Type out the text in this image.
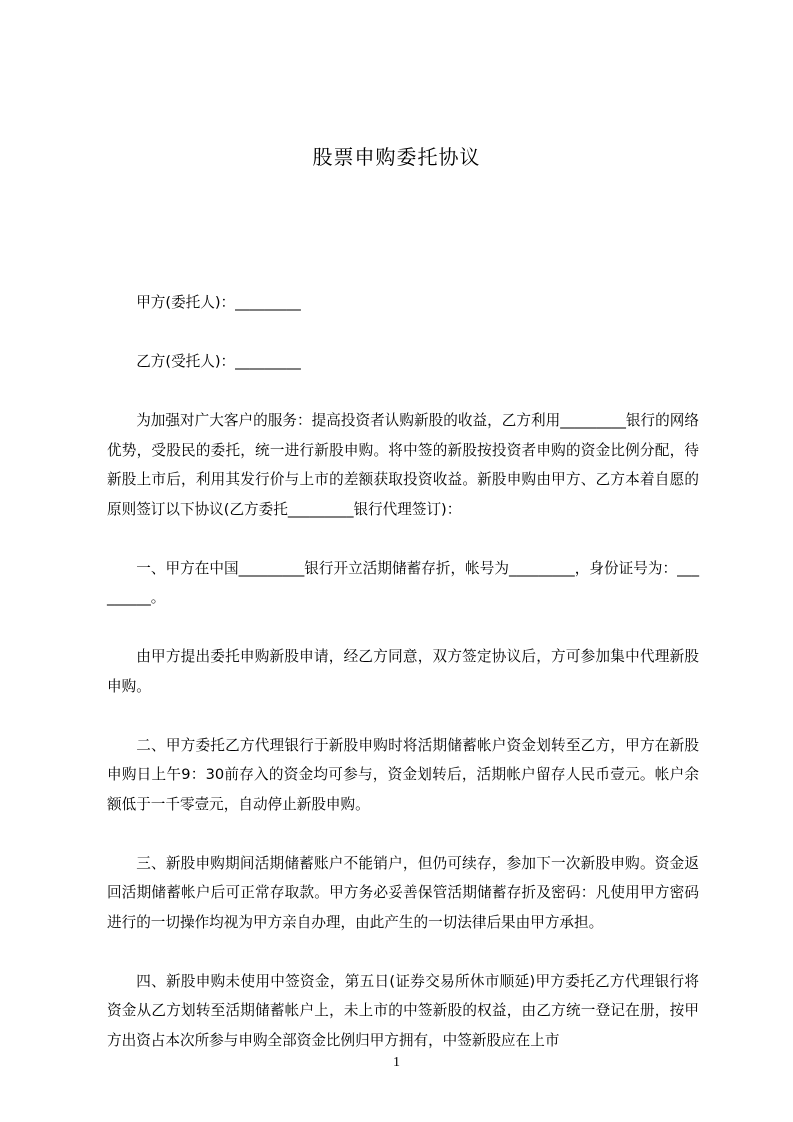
股票申购委托协议

甲方(委托人)：_________

乙方(受托人)：_________

为加强对广大客户的服务：提高投资者认购新股的收益，乙方利用_________银行的网络优势，受股民的委托，统一进行新股申购。将中签的新股按投资者申购的资金比例分配，待新股上市后，利用其发行价与上市的差额获取投资收益。新股申购由甲方、乙方本着自愿的原则签订以下协议(乙方委托_________银行代理签订)：

一、甲方在中国_________银行开立活期储蓄存折，帐号为_________，身份证号为：_________。

由甲方提出委托申购新股申请，经乙方同意，双方签定协议后，方可参加集中代理新股申购。

二、甲方委托乙方代理银行于新股申购时将活期储蓄帐户资金划转至乙方，甲方在新股申购日上午9：30前存入的资金均可参与，资金划转后，活期帐户留存人民币壹元。帐户余额低于一千零壹元，自动停止新股申购。

三、新股申购期间活期储蓄账户不能销户，但仍可续存，参加下一次新股申购。资金返回活期储蓄帐户后可正常存取款。甲方务必妥善保管活期储蓄存折及密码：凡使用甲方密码进行的一切操作均视为甲方亲自办理，由此产生的一切法律后果由甲方承担。

四、新股申购未使用中签资金，第五日(证券交易所休市顺延)甲方委托乙方代理银行将资金从乙方划转至活期储蓄帐户上，未上市的中签新股的权益，由乙方统一登记在册，按甲方出资占本次所参与申购全部资金比例归甲方拥有，中签新股应在上市

1
